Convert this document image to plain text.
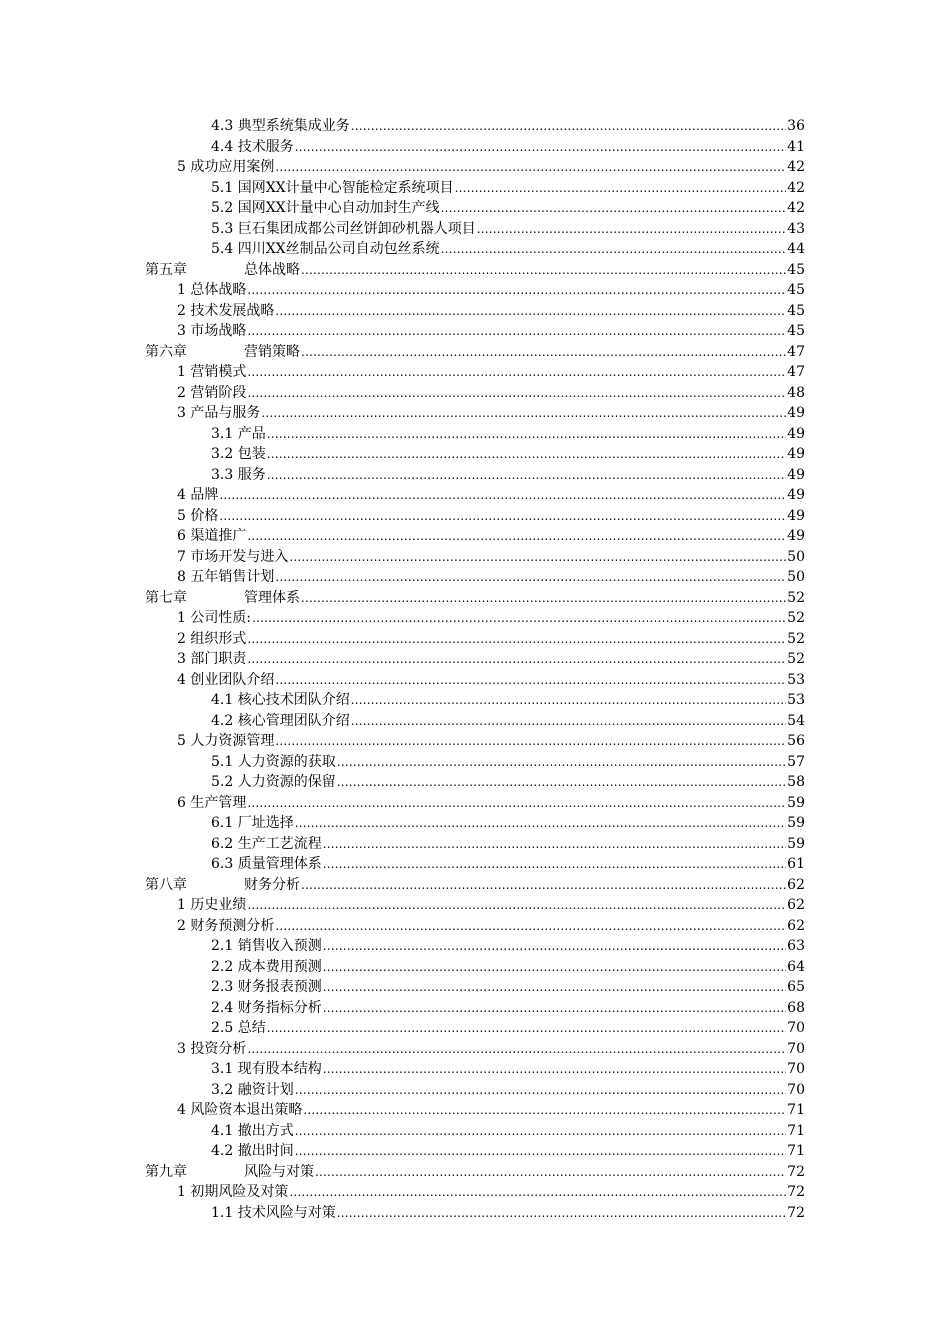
4.3 典型系统集成业务 .....	36
4.4 技术服务 .....	41
5 成功应用案例 .....	42
5.1 国网XX计量中心智能检定系统项目 .....	42
5.2 国网XX计量中心自动加封生产线 .....	42
5.3 巨石集团成都公司丝饼卸砂机器人项目 .....	43
5.4 四川XX丝制品公司自动包丝系统 .....	44
第五章	总体战略 .....	45
1 总体战略 .....	45
2 技术发展战略 .....	45
3 市场战略 .....	45
第六章	营销策略 .....	47
1 营销模式 .....	47
2 营销阶段 .....	48
3 产品与服务 .....	49
3.1 产品 .....	49
3.2 包装 .....	49
3.3 服务 .....	49
4 品牌 .....	49
5 价格 .....	49
6 渠道推广 .....	49
7 市场开发与进入 .....	50
8 五年销售计划 .....	50
第七章	管理体系 .....	52
1 公司性质: .....	52
2 组织形式 .....	52
3 部门职责 .....	52
4 创业团队介绍 .....	53
4.1 核心技术团队介绍 .....	53
4.2 核心管理团队介绍 .....	54
5 人力资源管理 .....	56
5.1 人力资源的获取 .....	57
5.2 人力资源的保留 .....	58
6 生产管理 .....	59
6.1 厂址选择 .....	59
6.2 生产工艺流程 .....	59
6.3 质量管理体系 .....	61
第八章	财务分析 .....	62
1 历史业绩 .....	62
2 财务预测分析 .....	62
2.1 销售收入预测 .....	63
2.2 成本费用预测 .....	64
2.3 财务报表预测 .....	65
2.4 财务指标分析 .....	68
2.5 总结 .....	70
3 投资分析 .....	70
3.1 现有股本结构 .....	70
3.2 融资计划 .....	70
4 风险资本退出策略 .....	71
4.1 撤出方式 .....	71
4.2 撤出时间 .....	71
第九章	风险与对策 .....	72
1 初期风险及对策 .....	72
1.1 技术风险与对策 .....	72
